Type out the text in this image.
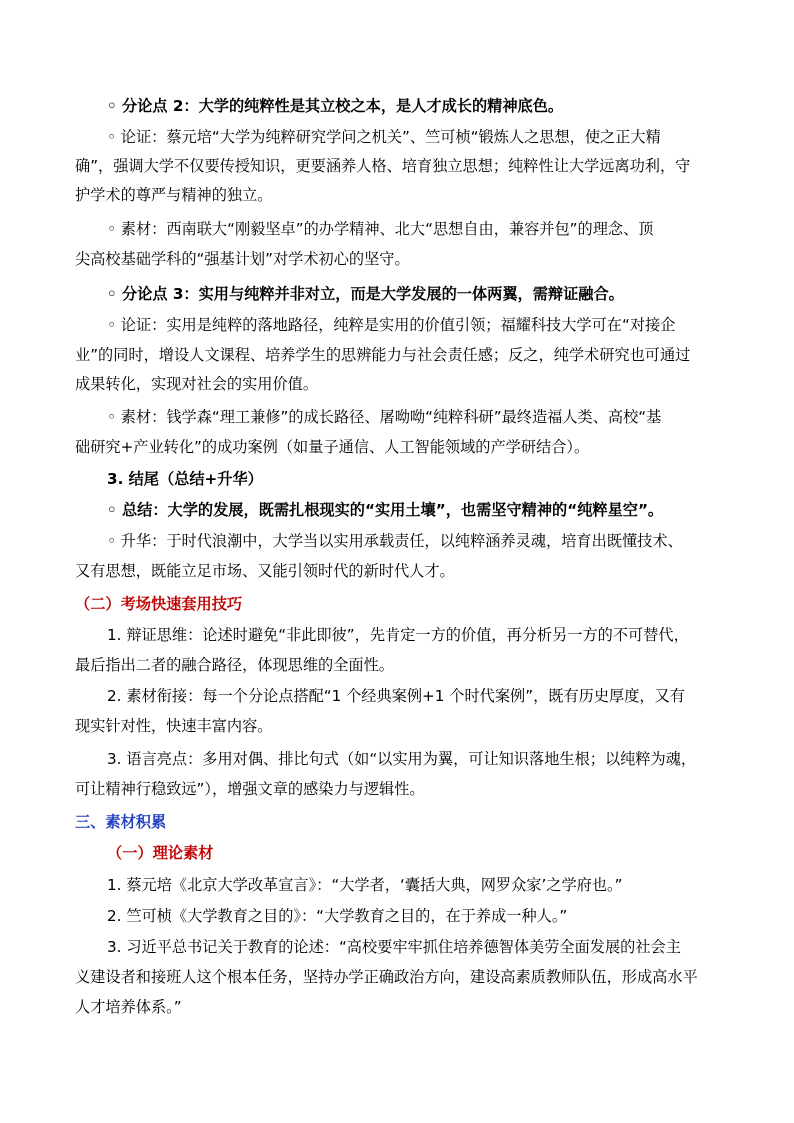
◦ 分论点 2：大学的纯粹性是其立校之本，是人才成长的精神底色。

◦ 论证：蔡元培“大学为纯粹研究学问之机关”、竺可桢“锻炼人之思想，使之正大精

确”，强调大学不仅要传授知识，更要涵养人格、培育独立思想；纯粹性让大学远离功利，守

护学术的尊严与精神的独立。

◦ 素材：西南联大“刚毅坚卓”的办学精神、北大“思想自由，兼容并包”的理念、顶

尖高校基础学科的“强基计划”对学术初心的坚守。

◦ 分论点 3：实用与纯粹并非对立，而是大学发展的一体两翼，需辩证融合。

◦ 论证：实用是纯粹的落地路径，纯粹是实用的价值引领；福耀科技大学可在“对接企

业”的同时，增设人文课程、培养学生的思辨能力与社会责任感；反之，纯学术研究也可通过

成果转化，实现对社会的实用价值。

◦ 素材：钱学森“理工兼修”的成长路径、屠呦呦“纯粹科研”最终造福人类、高校“基

础研究+产业转化”的成功案例（如量子通信、人工智能领域的产学研结合）。

3. 结尾（总结+升华）

◦ 总结：大学的发展，既需扎根现实的“实用土壤”，也需坚守精神的“纯粹星空”。

◦ 升华：于时代浪潮中，大学当以实用承载责任，以纯粹涵养灵魂，培育出既懂技术、

又有思想，既能立足市场、又能引领时代的新时代人才。

（二）考场快速套用技巧

1. 辩证思维：论述时避免“非此即彼”，先肯定一方的价值，再分析另一方的不可替代，

最后指出二者的融合路径，体现思维的全面性。

2. 素材衔接：每一个分论点搭配“1 个经典案例+1 个时代案例”，既有历史厚度，又有

现实针对性，快速丰富内容。

3. 语言亮点：多用对偶、排比句式（如“以实用为翼，可让知识落地生根；以纯粹为魂，

可让精神行稳致远”），增强文章的感染力与逻辑性。

三、素材积累

（一）理论素材

1. 蔡元培《北京大学改革宣言》：“大学者，‘囊括大典，网罗众家’之学府也。”

2. 竺可桢《大学教育之目的》：“大学教育之目的，在于养成一种人。”

3. 习近平总书记关于教育的论述：“高校要牢牢抓住培养德智体美劳全面发展的社会主

义建设者和接班人这个根本任务，坚持办学正确政治方向，建设高素质教师队伍，形成高水平

人才培养体系。”
